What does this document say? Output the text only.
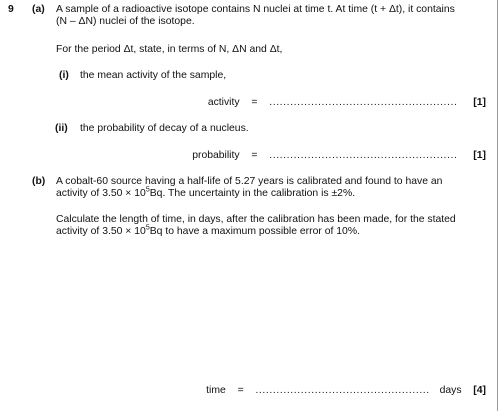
9 (a) A sample of a radioactive isotope contains N nuclei at time t. At time (t + Δt), it contains
(N – ΔN) nuclei of the isotope.
For the period Δt, state, in terms of N, ΔN and Δt,
(i) the mean activity of the sample,
activity = ...................................................... [1]
(ii) the probability of decay of a nucleus.
probability = ...................................................... [1]
(b) A cobalt-60 source having a half-life of 5.27 years is calibrated and found to have an
activity of $3.50 \times 10^5Bq$. The uncertainty in the calibration is ±2%.
Calculate the length of time, in days, after the calibration has been made, for the stated
activity of $3.50 \times 10^5Bq$ to have a maximum possible error of 10%.
time = .................................................. days [4]
